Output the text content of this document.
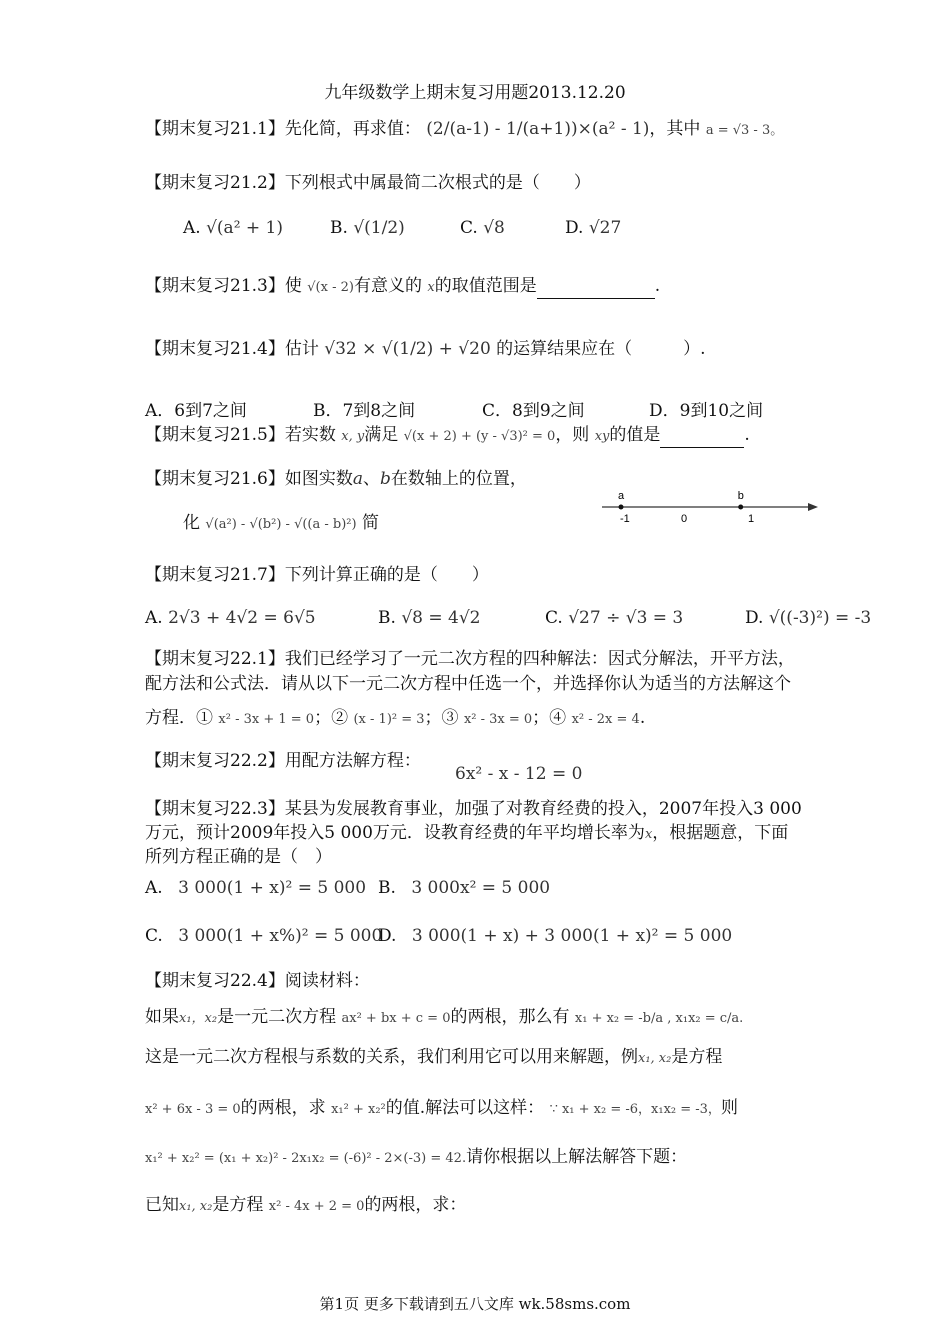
九年级数学上期末复习用题2013.12.20
【期末复习21.1】先化简，再求值： (2/(a-1) - 1/(a+1))×(a² - 1)，其中 a = √3 - 3。
【期末复习21.2】下列根式中属最简二次根式的是（　　）
A. √(a² + 1)	B. √(1/2)	C. √8	D. √27
【期末复习21.3】使 √(x - 2)有意义的 x的取值范围是	.
【期末复习21.4】估计 √32 × √(1/2) + √20 的运算结果应在（　　　）.
A．6到7之间	B．7到8之间	C．8到9之间	D．9到10之间
【期末复习21.5】若实数 x, y满足 √(x + 2) + (y - √3)² = 0，则 xy的值是	.
【期末复习21.6】如图实数a、b在数轴上的位置，
化 √(a²) - √(b²) - √((a - b)²) 简
a	b
-1	0	1
【期末复习21.7】下列计算正确的是（　　）
A. 2√3 + 4√2 = 6√5	B. √8 = 4√2	C. √27 ÷ √3 = 3	D. √((-3)²) = -3
【期末复习22.1】我们已经学习了一元二次方程的四种解法：因式分解法，开平方法，
配方法和公式法．请从以下一元二次方程中任选一个，并选择你认为适当的方法解这个
方程．① x² - 3x + 1 = 0；② (x - 1)² = 3；③ x² - 3x = 0；④ x² - 2x = 4.
【期末复习22.2】用配方法解方程：
6x² - x - 12 = 0
【期末复习22.3】某县为发展教育事业，加强了对教育经费的投入，2007年投入3 000
万元，预计2009年投入5 000万元．设教育经费的年平均增长率为x，根据题意，下面
所列方程正确的是（　）
A. 3 000(1 + x)² = 5 000 B. 3 000x² = 5 000
C. 3 000(1 + x%)² = 5 000
D. 3 000(1 + x) + 3 000(1 + x)² = 5 000
【期末复习22.4】阅读材料：
如果x₁，x₂是一元二次方程 ax² + bx + c = 0的两根，那么有 x₁ + x₂ = -b/a , x₁x₂ = c/a.
这是一元二次方程根与系数的关系，我们利用它可以用来解题，例x₁, x₂是方程
x² + 6x - 3 = 0的两根，求 x₁² + x₂²的值.解法可以这样： ∵ x₁ + x₂ = -6，x₁x₂ = -3，则
x₁² + x₂² = (x₁ + x₂)² - 2x₁x₂ = (-6)² - 2×(-3) = 42.请你根据以上解法解答下题：
已知x₁, x₂是方程 x² - 4x + 2 = 0的两根，求：
第1页 更多下载请到五八文库 wk.58sms.com
